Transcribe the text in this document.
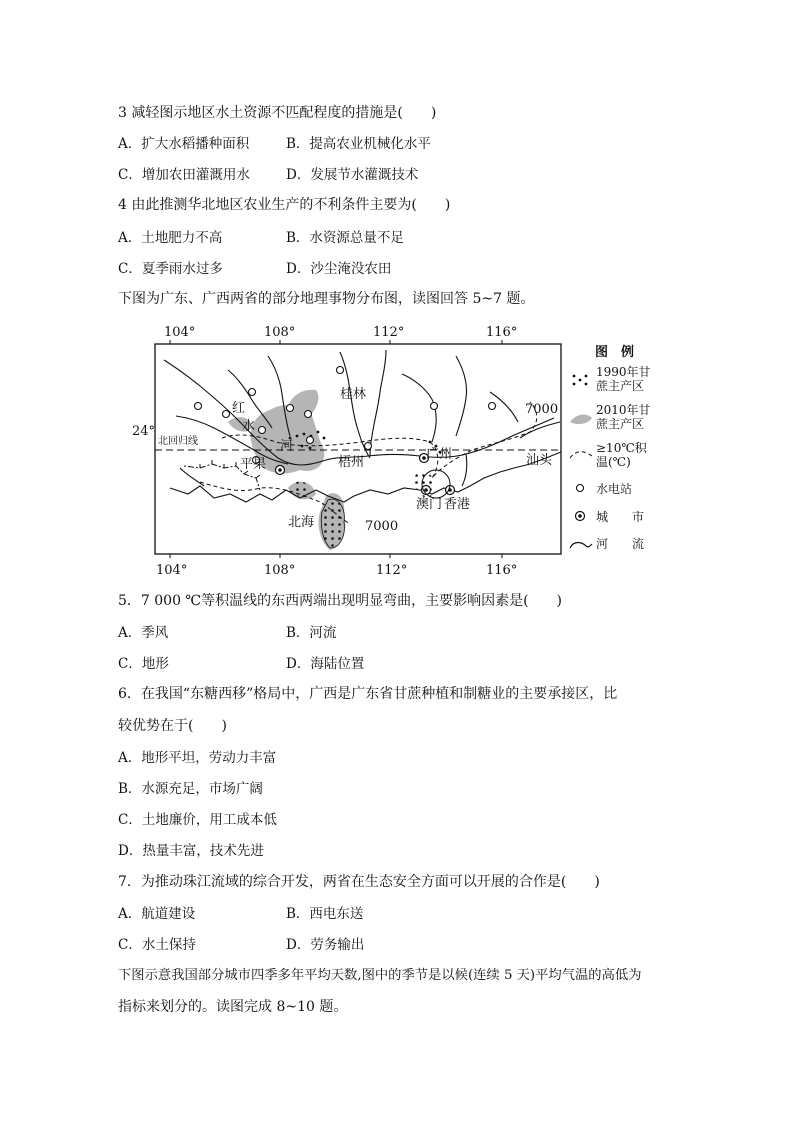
3 减轻图示地区水土资源不匹配程度的措施是(　　)
A．扩大水稻播种面积	B．提高农业机械化水平
C．增加农田灌溉用水	D．发展节水灌溉技术
4 由此推测华北地区农业生产的不利条件主要为(　　)
A．土地肥力不高	B．水资源总量不足
C．夏季雨水过多	D．沙尘淹没农田
下图为广东、广西两省的部分地理事物分布图，读图回答 5~7 题。
104°	108°	112°	116°
104°	108°	112°	116°
24°
北回归线
7000
7000
桂林
红
水
河
平果	梧州
广州	汕头
北海
澳门 香港
图　例
1990年甘
蔗主产区
2010年甘
蔗主产区
≥10℃积
温(℃)
水电站
城　　市
河　　流
5．7 000 ℃等积温线的东西两端出现明显弯曲，主要影响因素是(　　)
A．季风	B．河流
C．地形	D．海陆位置
6．在我国“东糖西移”格局中，广西是广东省甘蔗种植和制糖业的主要承接区，比
较优势在于(　　)
A．地形平坦，劳动力丰富
B．水源充足，市场广阔
C．土地廉价，用工成本低
D．热量丰富，技术先进
7．为推动珠江流域的综合开发，两省在生态安全方面可以开展的合作是(　　)
A．航道建设	B．西电东送
C．水土保持	D．劳务输出
下图示意我国部分城市四季多年平均天数,图中的季节是以候(连续 5 天)平均气温的高低为
指标来划分的。读图完成 8~10 题。
